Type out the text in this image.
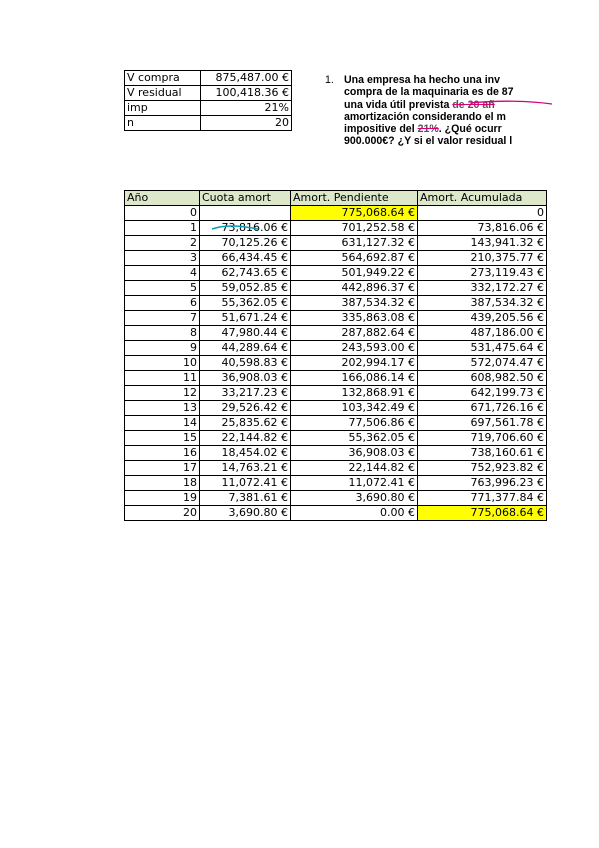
V compra	875,487.00 €
V residual	100,418.36 €
imp	21%
n	20
1. Una empresa ha hecho una inv
compra de la maquinaria es de 87
una vida útil prevista de 20 añ
amortización considerando el m
impositive del 21%. ¿Qué ocurr
900.000€? ¿Y si el valor residual l
Año	Cuota amort	Amort. Pendiente	Amort. Acumulada
0		775,068.64 €	0
1	73,816.06 €	701,252.58 €	73,816.06 €
2	70,125.26 €	631,127.32 €	143,941.32 €
3	66,434.45 €	564,692.87 €	210,375.77 €
4	62,743.65 €	501,949.22 €	273,119.43 €
5	59,052.85 €	442,896.37 €	332,172.27 €
6	55,362.05 €	387,534.32 €	387,534.32 €
7	51,671.24 €	335,863.08 €	439,205.56 €
8	47,980.44 €	287,882.64 €	487,186.00 €
9	44,289.64 €	243,593.00 €	531,475.64 €
10	40,598.83 €	202,994.17 €	572,074.47 €
11	36,908.03 €	166,086.14 €	608,982.50 €
12	33,217.23 €	132,868.91 €	642,199.73 €
13	29,526.42 €	103,342.49 €	671,726.16 €
14	25,835.62 €	77,506.86 €	697,561.78 €
15	22,144.82 €	55,362.05 €	719,706.60 €
16	18,454.02 €	36,908.03 €	738,160.61 €
17	14,763.21 €	22,144.82 €	752,923.82 €
18	11,072.41 €	11,072.41 €	763,996.23 €
19	7,381.61 €	3,690.80 €	771,377.84 €
20	3,690.80 €	0.00 €	775,068.64 €
